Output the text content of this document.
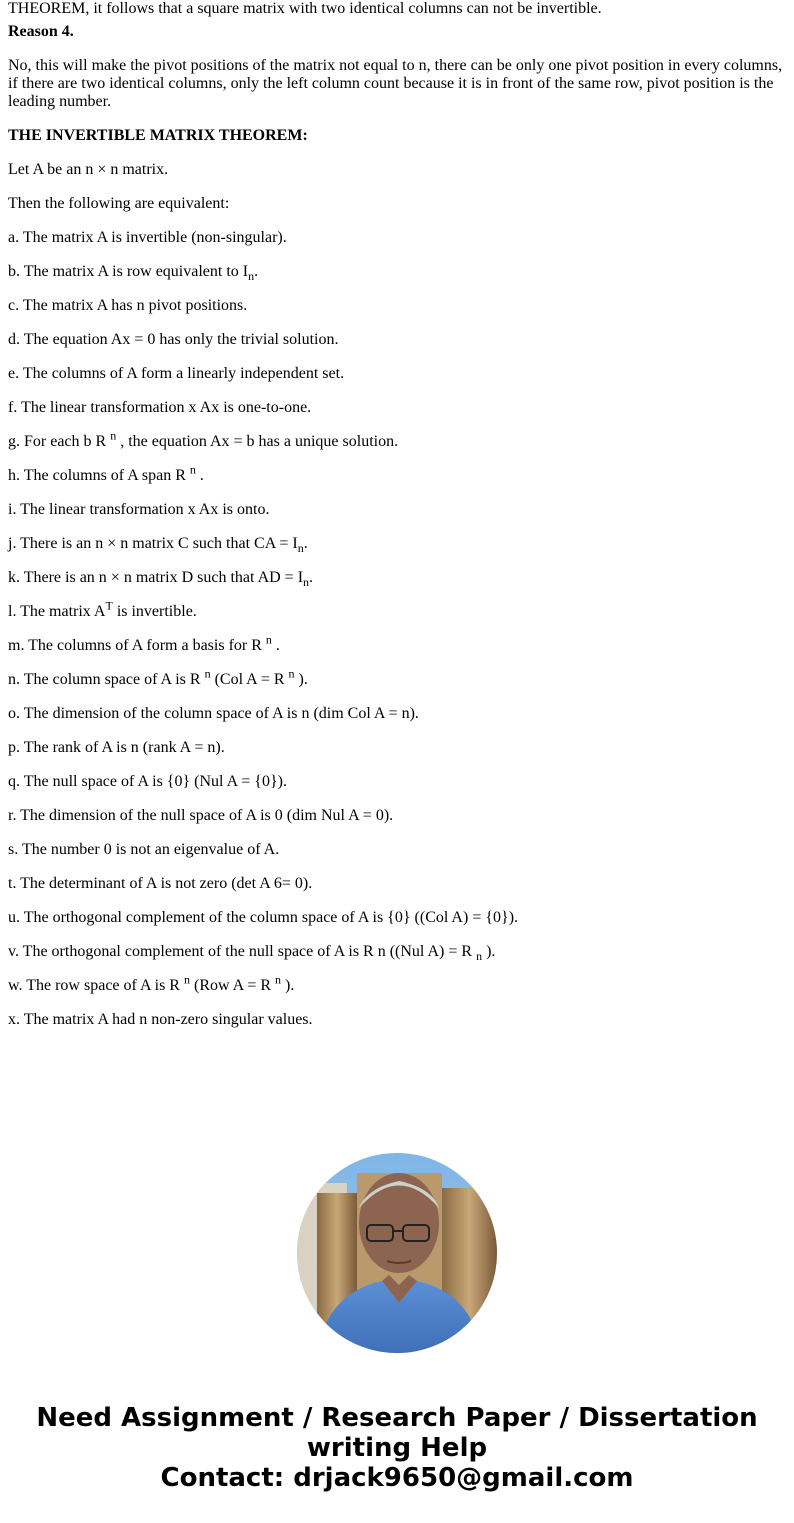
THEOREM, it follows that a square matrix with two identical columns can not be invertible.

Reason 4.

No, this will make the pivot positions of the matrix not equal to n, there can be only one pivot position in every columns, if there are two identical columns, only the left column count because it is in front of the same row, pivot position is the leading number.

THE INVERTIBLE MATRIX THEOREM:

Let A be an n × n matrix.

Then the following are equivalent:

a. The matrix A is invertible (non-singular).

b. The matrix A is row equivalent to $I_n$.

c. The matrix A has n pivot positions.

d. The equation Ax = 0 has only the trivial solution.

e. The columns of A form a linearly independent set.

f. The linear transformation x Ax is one-to-one.

g. For each b R $^n$ , the equation Ax = b has a unique solution.

h. The columns of A span R $^n$ .

i. The linear transformation x Ax is onto.

j. There is an n × n matrix C such that CA = $I_n$.

k. There is an n × n matrix D such that AD = $I_n$.

l. The matrix $A^T$ is invertible.

m. The columns of A form a basis for R $^n$ .

n. The column space of A is R $^n$ (Col A = R $^n$ ).

o. The dimension of the column space of A is n (dim Col A = n).

p. The rank of A is n (rank A = n).

q. The null space of A is {0} (Nul A = {0}).

r. The dimension of the null space of A is 0 (dim Nul A = 0).

s. The number 0 is not an eigenvalue of A.

t. The determinant of A is not zero (det A 6= 0).

u. The orthogonal complement of the column space of A is {0} ((Col A) = {0}).

v. The orthogonal complement of the null space of A is R n ((Nul A) = R $_n$ ).

w. The row space of A is R $^n$ (Row A = R $^n$ ).

x. The matrix A had n non-zero singular values.

Need Assignment / Research Paper / Dissertation
writing Help
Contact: drjack9650@gmail.com
